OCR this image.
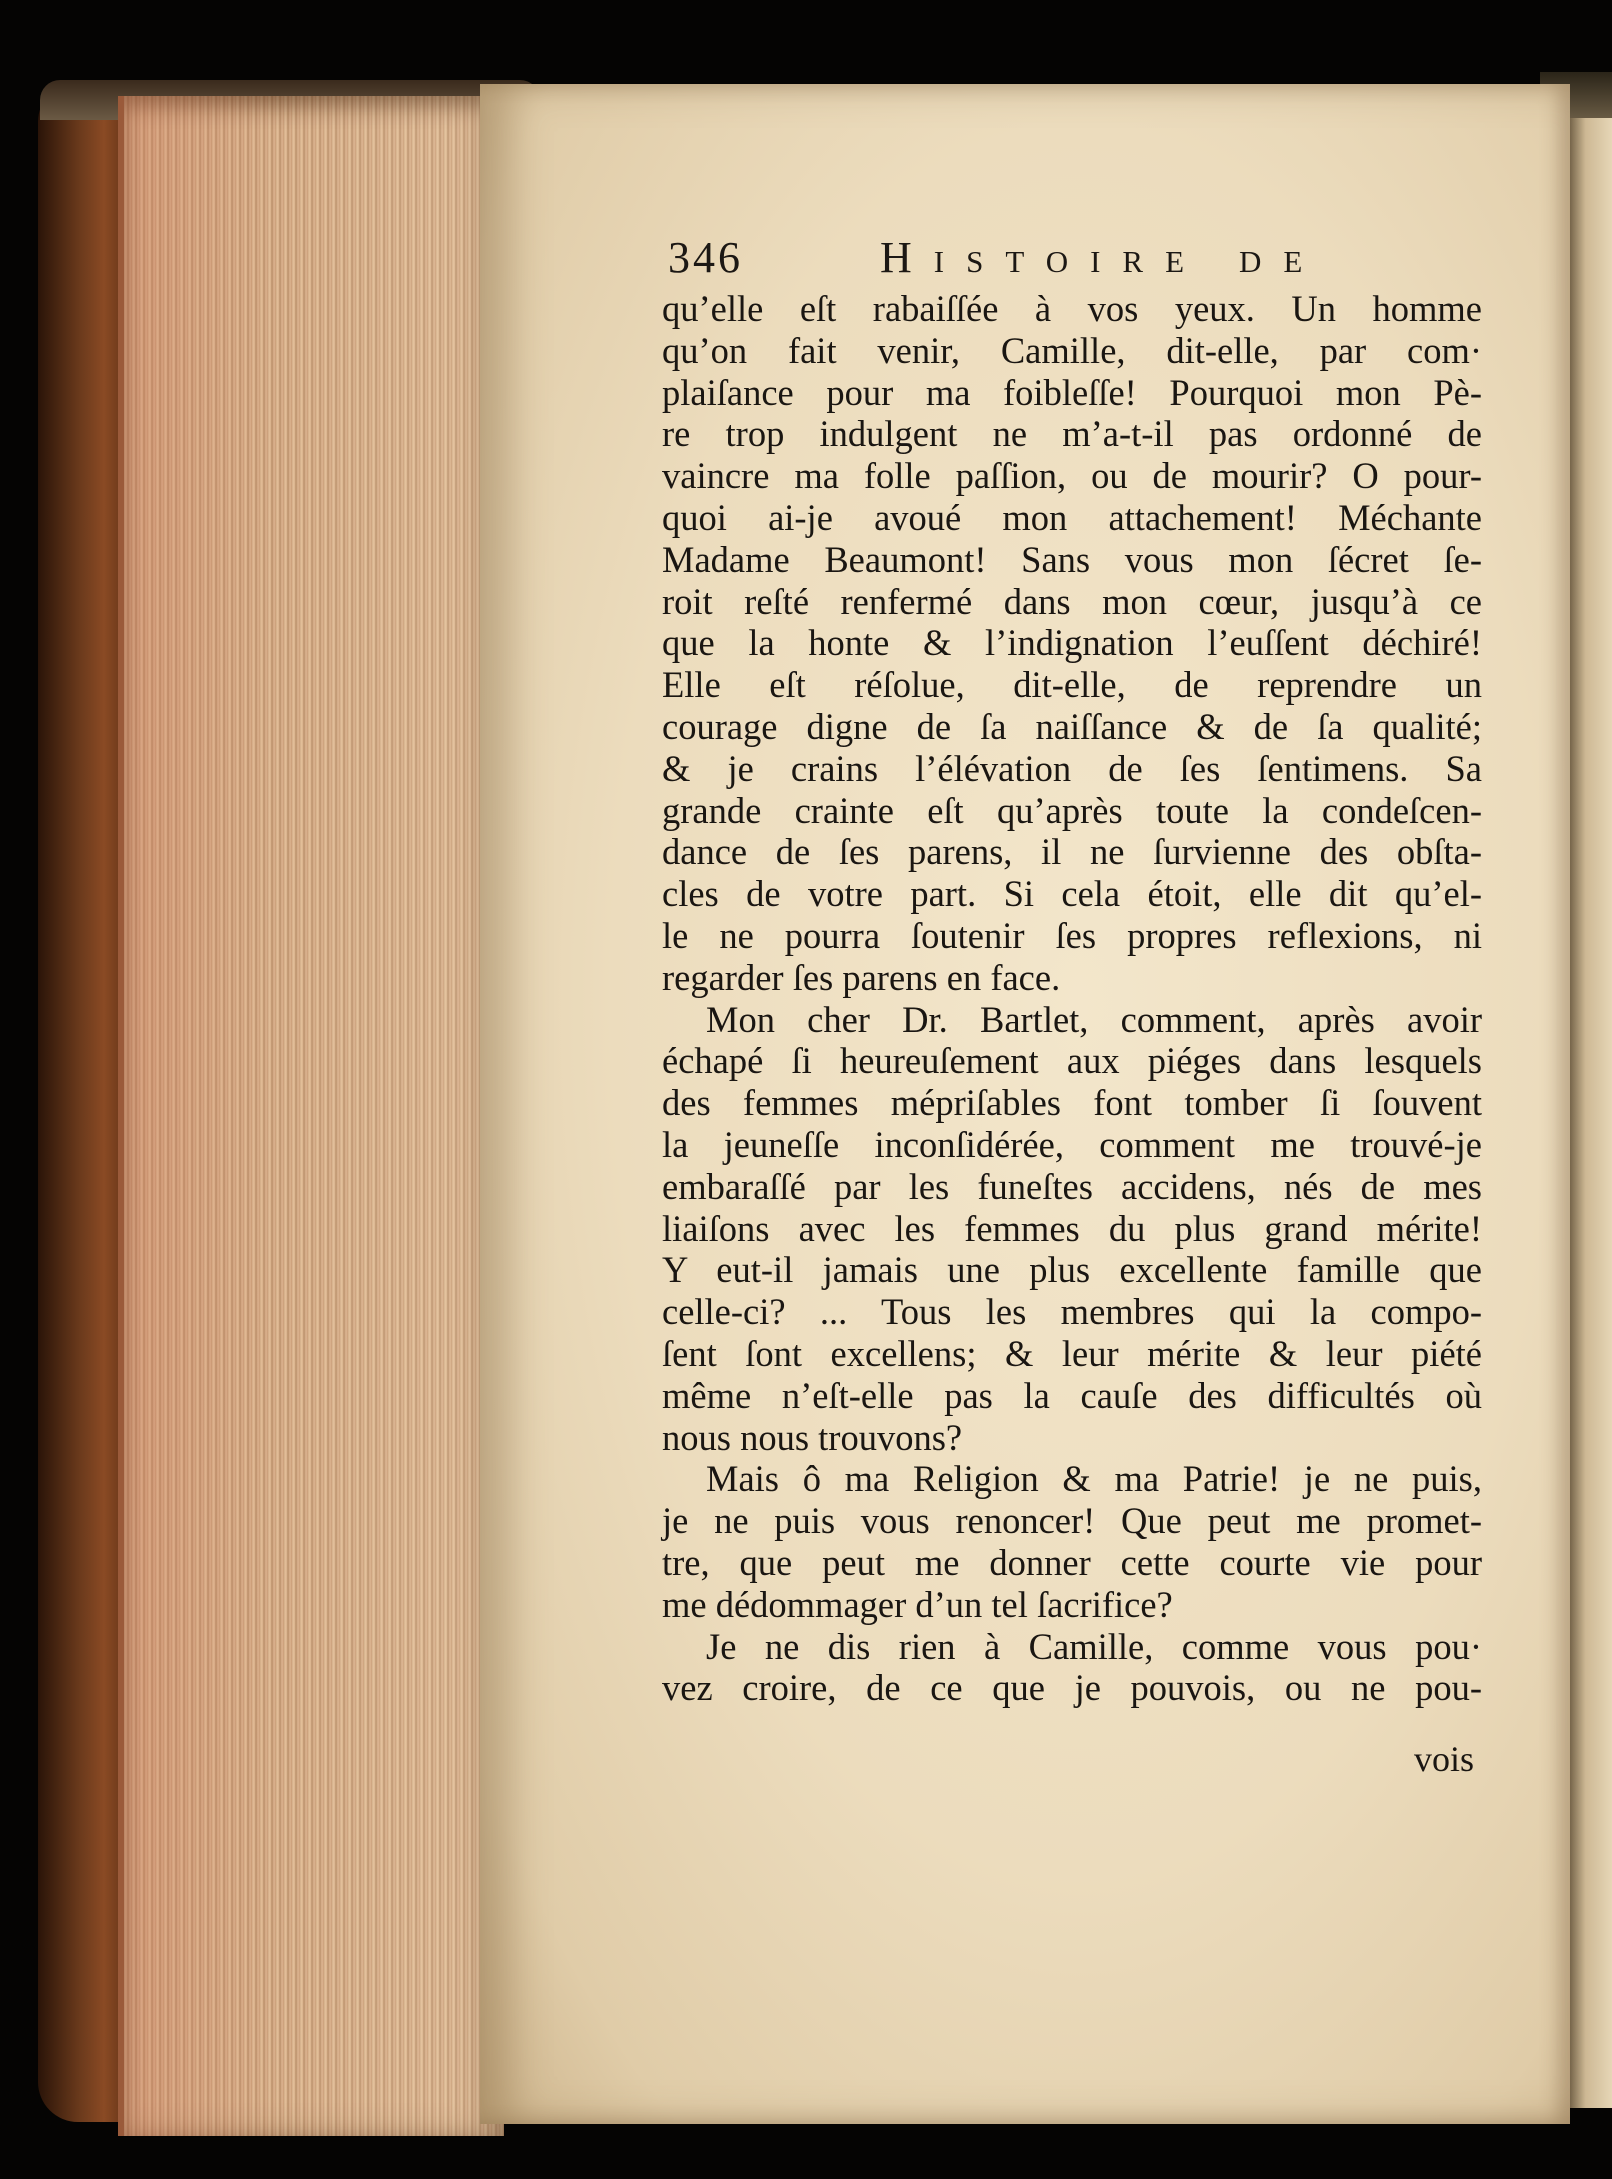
346	Histoire de
qu’elle eſt rabaiſſée à vos yeux. Un homme
qu’on fait venir, Camille, dit-elle, par com·
plaiſance pour ma foibleſſe! Pourquoi mon Pè-
re trop indulgent ne m’a-t-il pas ordonné de
vaincre ma folle paſſion, ou de mourir? O pour-
quoi ai-je avoué mon attachement! Méchante
Madame Beaumont! Sans vous mon ſécret ſe-
roit reſté renfermé dans mon cœur, jusqu’à ce
que la honte & l’indignation l’euſſent déchiré!
Elle eſt réſolue, dit-elle, de reprendre un
courage digne de ſa naiſſance & de ſa qualité;
& je crains l’élévation de ſes ſentimens. Sa
grande crainte eſt qu’après toute la condeſcen-
dance de ſes parens, il ne ſurvienne des obſta-
cles de votre part. Si cela étoit, elle dit qu’el-
le ne pourra ſoutenir ſes propres reflexions, ni
regarder ſes parens en face.
Mon cher Dr. Bartlet, comment, après avoir
échapé ſi heureuſement aux piéges dans lesquels
des femmes mépriſables font tomber ſi ſouvent
la jeuneſſe inconſidérée, comment me trouvé-je
embaraſſé par les funeſtes accidens, nés de mes
liaiſons avec les femmes du plus grand mérite!
Y eut-il jamais une plus excellente famille que
celle-ci? ... Tous les membres qui la compo-
ſent ſont excellens; & leur mérite & leur piété
même n’eſt-elle pas la cauſe des difficultés où
nous nous trouvons?
Mais ô ma Religion & ma Patrie! je ne puis,
je ne puis vous renoncer! Que peut me promet-
tre, que peut me donner cette courte vie pour
me dédommager d’un tel ſacrifice?
Je ne dis rien à Camille, comme vous pou·
vez croire, de ce que je pouvois, ou ne pou-
vois
